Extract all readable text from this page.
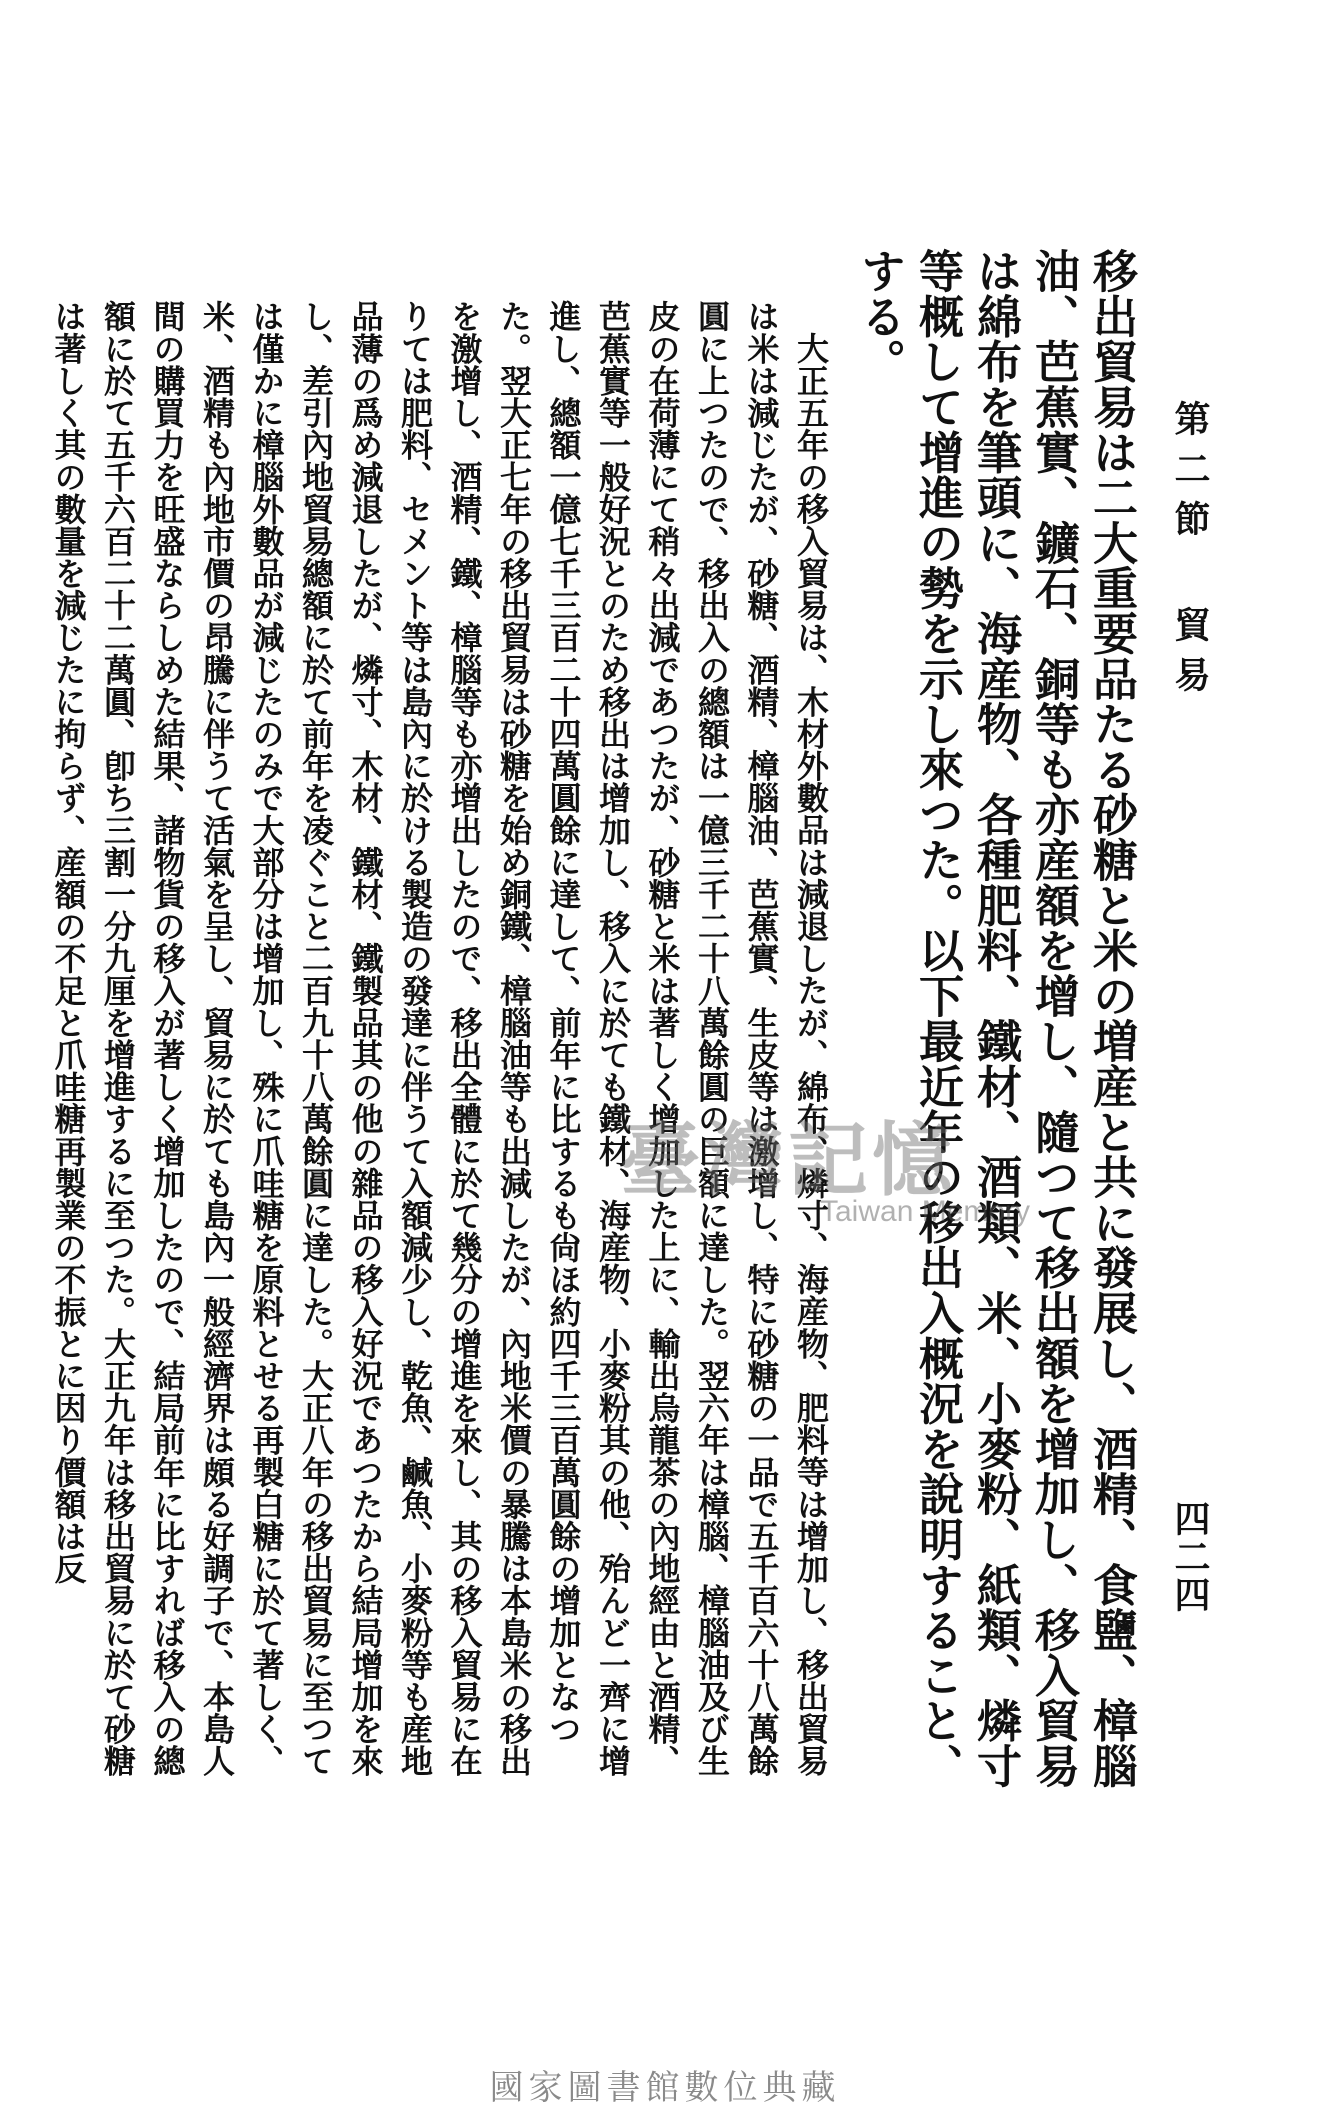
第二節 貿易
四二四

移出貿易は二大重要品たる砂糖と米の増産と共に發展し、酒精、食鹽、樟腦油、芭蕉實、鑛石、銅等も亦産額を增し、隨つて移出額を增加し、移入貿易は綿布を筆頭に、海産物、各種肥料、鐵材、酒類、米、小麥粉、紙類、燐寸等概して增進の勢を示し來つた。以下最近年の移出入概況を說明すること、する。

大正五年の移入貿易は、木材外數品は減退したが、綿布、燐寸、海産物、肥料等は增加し、移出貿易は米は減じたが、砂糖、酒精、樟腦油、芭蕉實、生皮等は激增し、特に砂糖の一品で五千百六十八萬餘圓に上つたので、移出入の總額は一億三千二十八萬餘圓の巨額に達した。翌六年は樟腦、樟腦油及び生皮の在荷薄にて稍々出減であつたが、砂糖と米は著しく增加した上に、輸出烏龍茶の內地經由と酒精、芭蕉實等一般好況とのため移出は增加し、移入に於ても鐵材、海産物、小麥粉其の他、殆んど一齊に增進し、總額一億七千三百二十四萬圓餘に達して、前年に比するも尙ほ約四千三百萬圓餘の增加となつた。翌大正七年の移出貿易は砂糖を始め銅鐵、樟腦油等も出減したが、內地米價の暴騰は本島米の移出を激增し、酒精、鐵、樟腦等も亦增出したので、移出全體に於て幾分の增進を來し、其の移入貿易に在りては肥料、セメント等は島內に於ける製造の發達に伴うて入額減少し、乾魚、鹹魚、小麥粉等も産地品薄の爲め減退したが、燐寸、木材、鐵材、鐵製品其の他の雜品の移入好況であつたから結局增加を來し、差引內地貿易總額に於て前年を凌ぐこと二百九十八萬餘圓に達した。大正八年の移出貿易に至つては僅かに樟腦外數品が減じたのみで大部分は增加し、殊に爪哇糖を原料とせる再製白糖に於て著しく、米、酒精も內地市價の昂騰に伴うて活氣を呈し、貿易に於ても島內一般經濟界は頗る好調子で、本島人間の購買力を旺盛ならしめた結果、諸物貨の移入が著しく增加したので、結局前年に比すれば移入の總額に於て五千六百二十二萬圓、卽ち三割一分九厘を增進するに至つた。大正九年は移出貿易に於て砂糖は著しく其の數量を減じたに拘らず、産額の不足と爪哇糖再製業の不振とに因り價額は反	臺灣記憶
Taiwan Memory
國家圖書館數位典藏
